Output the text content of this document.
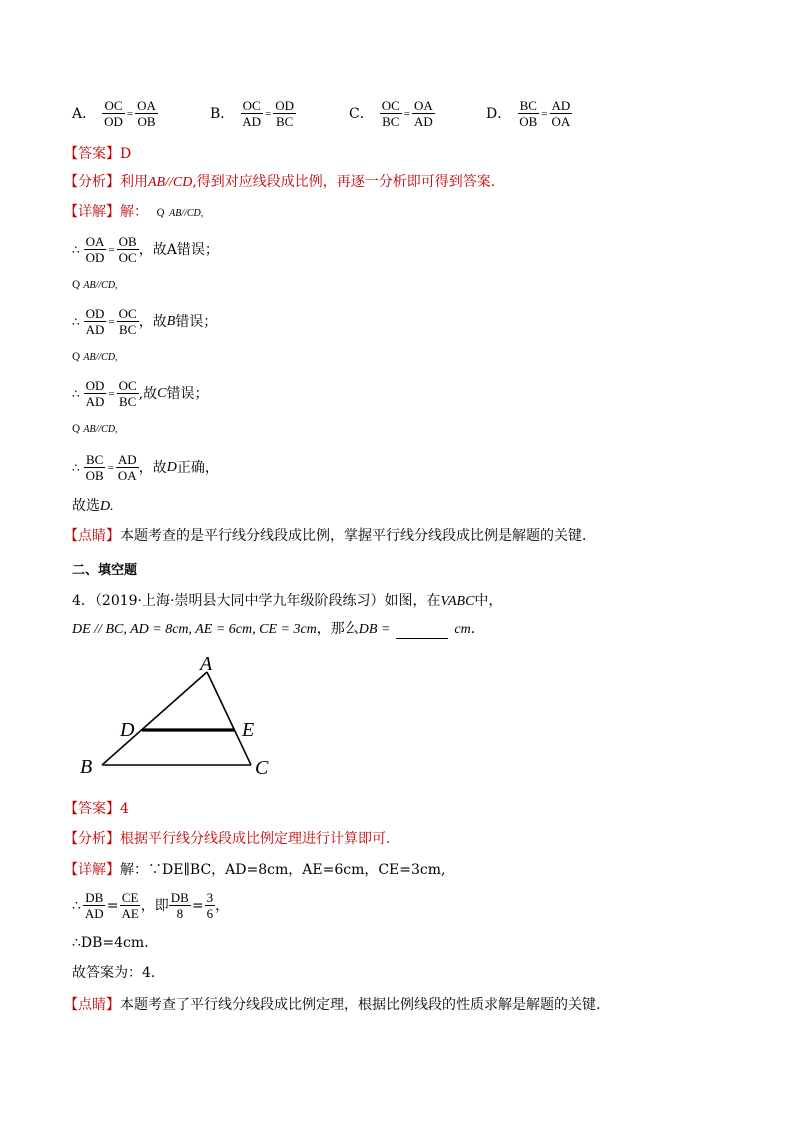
A． $\frac{OC}{OD} = \frac{OA}{OB}$	B． $\frac{OC}{AD} = \frac{OD}{BC}$	C． $\frac{OC}{BC} = \frac{OA}{AD}$	D． $\frac{BC}{OB} = \frac{AD}{OA}$
【答案】D
【分析】利用AB//CD,得到对应线段成比例，再逐一分析即可得到答案．
【详解】解： Q AB//CD,
∴ $\frac{OA}{OD} = \frac{OB}{OC}$ ，故A错误；
Q AB//CD,
∴ $\frac{OD}{AD} = \frac{OC}{BC}$ ，故 B 错误；
Q AB//CD,
∴ $\frac{OD}{AD} = \frac{OC}{BC}$ ,故 C 错误；
Q AB//CD,
∴ $\frac{BC}{OB} = \frac{AD}{OA}$ ，故 D 正确，
故选D.
【点睛】本题考查的是平行线分线段成比例，掌握平行线分线段成比例是解题的关键．
二、填空题
4．（2019·上海·崇明县大同中学九年级阶段练习）如图，在VABC中，
DE // BC, AD = 8cm, AE = 6cm, CE = 3cm，那么DB =	cm．
A
B	C
D	E
【答案】4
【分析】根据平行线分线段成比例定理进行计算即可．
【详解】解：∵DE∥BC，AD=8cm，AE=6cm，CE=3cm,
∴ $\frac{DB}{AD} = \frac{CE}{AE}$ ，即 $\frac{DB}{8} = \frac{3}{6}$ ，
∴DB=4cm.
故答案为：4.
【点睛】本题考查了平行线分线段成比例定理，根据比例线段的性质求解是解题的关键.
